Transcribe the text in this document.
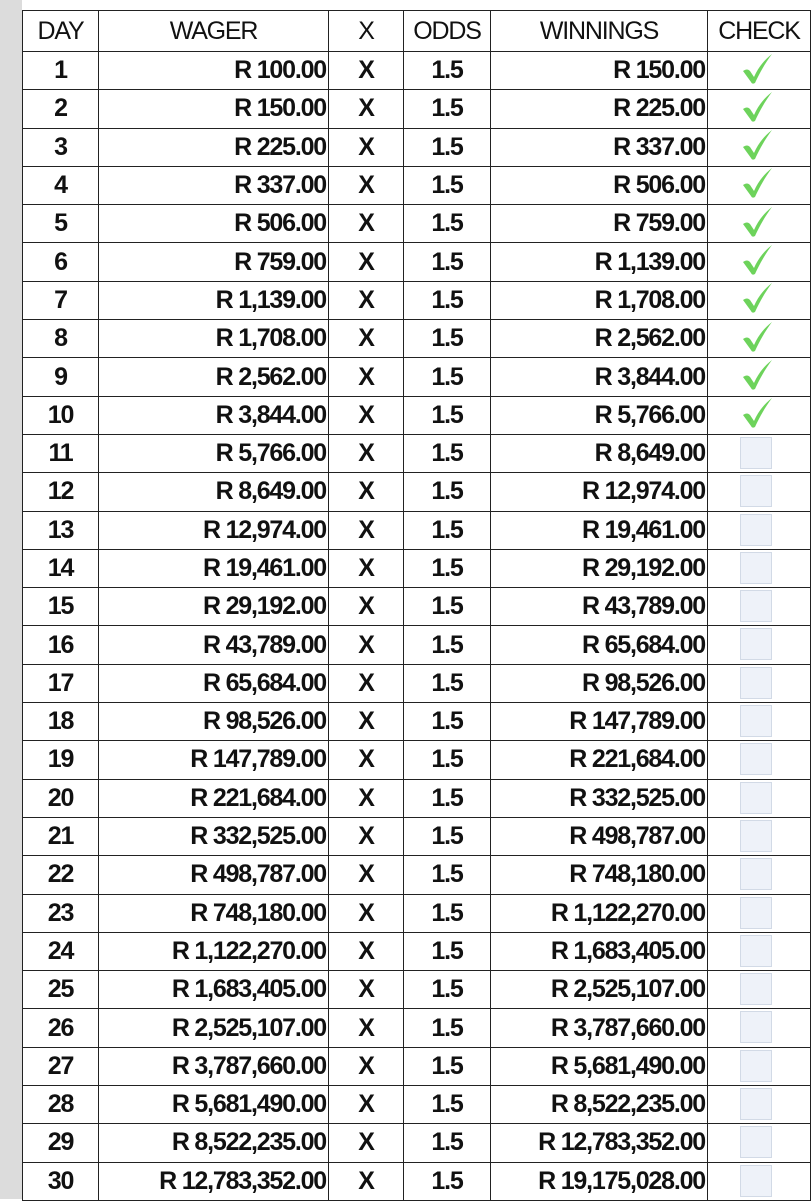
DAY	WAGER	X	ODDS	WINNINGS	CHECK
1	R 100.00	X	1.5	R 150.00	
2	R 150.00	X	1.5	R 225.00	
3	R 225.00	X	1.5	R 337.00	
4	R 337.00	X	1.5	R 506.00	
5	R 506.00	X	1.5	R 759.00	
6	R 759.00	X	1.5	R 1,139.00	
7	R 1,139.00	X	1.5	R 1,708.00	
8	R 1,708.00	X	1.5	R 2,562.00	
9	R 2,562.00	X	1.5	R 3,844.00	
10	R 3,844.00	X	1.5	R 5,766.00	
11	R 5,766.00	X	1.5	R 8,649.00	
12	R 8,649.00	X	1.5	R 12,974.00	
13	R 12,974.00	X	1.5	R 19,461.00	
14	R 19,461.00	X	1.5	R 29,192.00	
15	R 29,192.00	X	1.5	R 43,789.00	
16	R 43,789.00	X	1.5	R 65,684.00	
17	R 65,684.00	X	1.5	R 98,526.00	
18	R 98,526.00	X	1.5	R 147,789.00	
19	R 147,789.00	X	1.5	R 221,684.00	
20	R 221,684.00	X	1.5	R 332,525.00	
21	R 332,525.00	X	1.5	R 498,787.00	
22	R 498,787.00	X	1.5	R 748,180.00	
23	R 748,180.00	X	1.5	R 1,122,270.00	
24	R 1,122,270.00	X	1.5	R 1,683,405.00	
25	R 1,683,405.00	X	1.5	R 2,525,107.00	
26	R 2,525,107.00	X	1.5	R 3,787,660.00	
27	R 3,787,660.00	X	1.5	R 5,681,490.00	
28	R 5,681,490.00	X	1.5	R 8,522,235.00	
29	R 8,522,235.00	X	1.5	R 12,783,352.00	
30	R 12,783,352.00	X	1.5	R 19,175,028.00	
